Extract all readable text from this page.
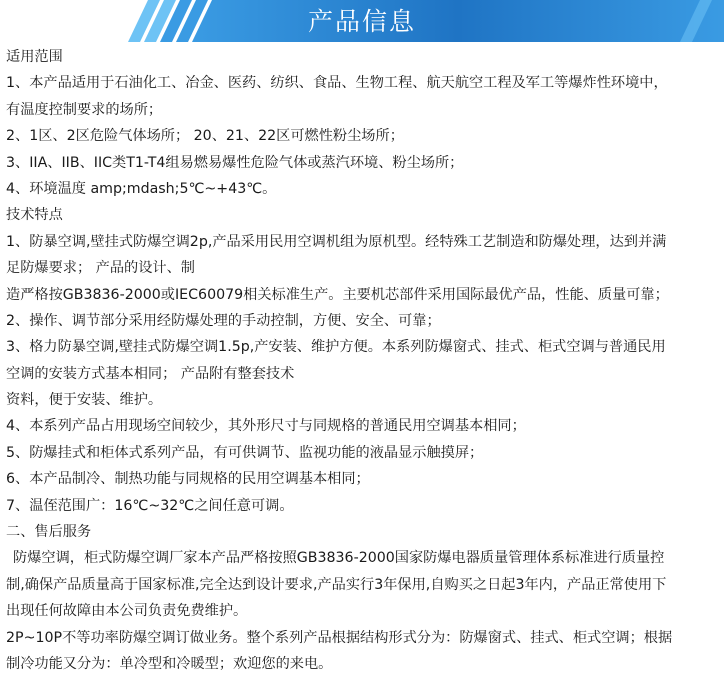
产品信息
适用范围
1、本产品适用于石油化工、冶金、医药、纺织、食品、生物工程、航天航空工程及军工等爆炸性环境中，
有温度控制要求的场所；
2、1区、2区危险气体场所； 20、21、22区可燃性粉尘场所；
3、IIA、IIB、IIC类T1-T4组易燃易爆性危险气体或蒸汽环境、粉尘场所；
4、环境温度 amp;mdash;5℃~+43℃。
技术特点
1、防暴空调,壁挂式防爆空调2p,产品采用民用空调机组为原机型。经特殊工艺制造和防爆处理，达到并满
足防爆要求； 产品的设计、制
造严格按GB3836-2000或IEC60079相关标准生产。主要机芯部件采用国际最优产品，性能、质量可靠；
2、操作、调节部分采用经防爆处理的手动控制，方便、安全、可靠；
3、格力防暴空调,壁挂式防爆空调1.5p,产安装、维护方便。本系列防爆窗式、挂式、柜式空调与普通民用
空调的安装方式基本相同； 产品附有整套技术
资料，便于安装、维护。
4、本系列产品占用现场空间较少，其外形尺寸与同规格的普通民用空调基本相同；
5、防爆挂式和柜体式系列产品，有可供调节、监视功能的液晶显示触摸屏；
6、本产品制冷、制热功能与同规格的民用空调基本相同；
7、温侄范围广：16℃~32℃之间任意可调。
二、售后服务
防爆空调，柜式防爆空调厂家本产品严格按照GB3836-2000国家防爆电器质量管理体系标准进行质量控
制,确保产品质量高于国家标准,完全达到设计要求,产品实行3年保用,自购买之日起3年内，产品正常使用下
出现任何故障由本公司负责免费维护。
2P~10P不等功率防爆空调订做业务。整个系列产品根据结构形式分为：防爆窗式、挂式、柜式空调；根据
制冷功能又分为：单冷型和冷暖型；欢迎您的来电。
